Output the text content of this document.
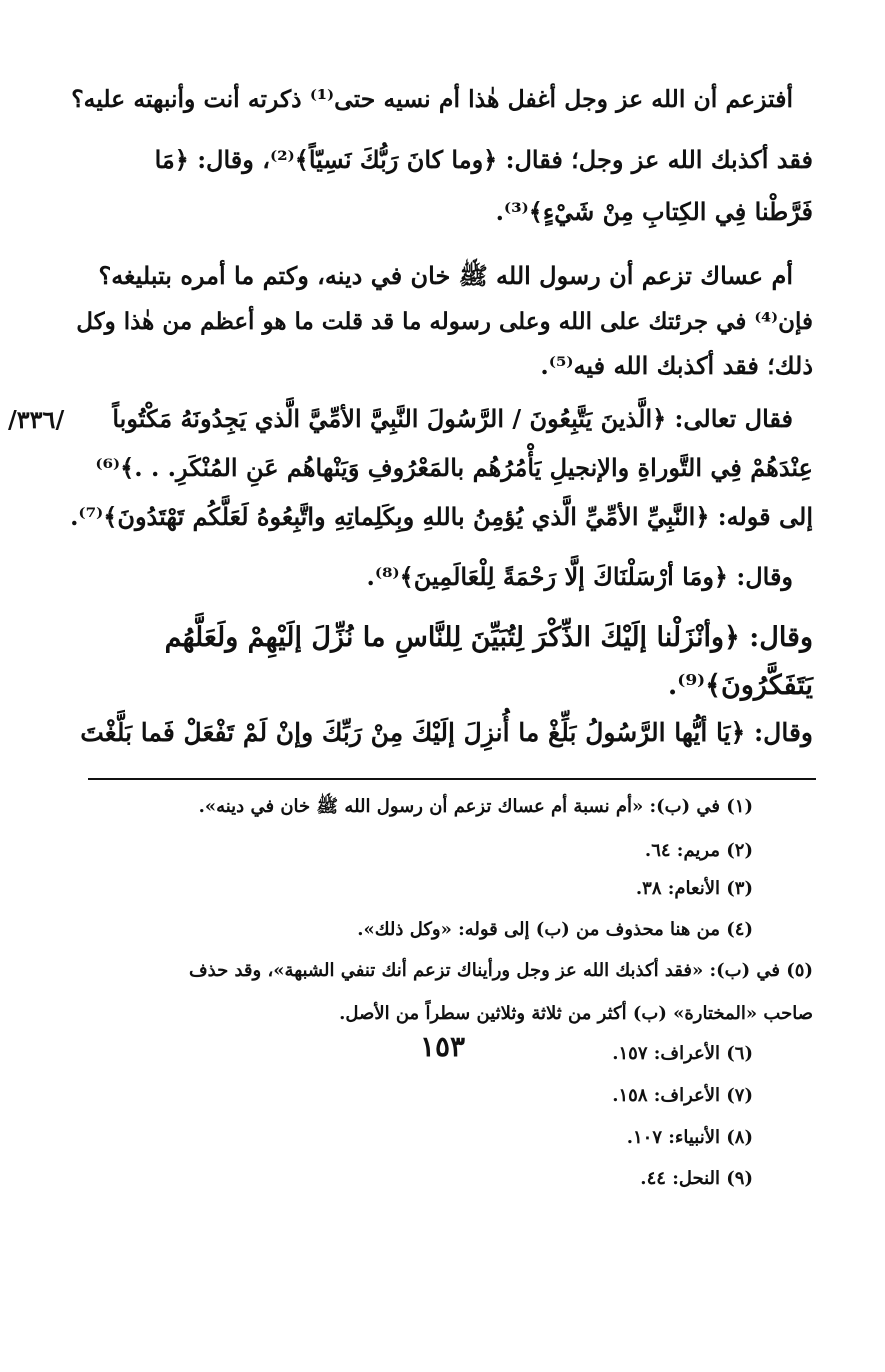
أفتزعم أن الله عز وجل أغفل هٰذا أم نسيه حتى⁽¹⁾ ذكرته أنت وأنبهته عليه؟
فقد أكذبك الله عز وجل؛ فقال: ﴿وما كانَ رَبُّكَ نَسِيّاً﴾⁽²⁾، وقال: ﴿مَا
فَرَّطْنا فِي الكِتابِ مِنْ شَيْءٍ﴾⁽³⁾.
أم عساك تزعم أن رسول الله ﷺ خان في دينه، وكتم ما أمره بتبليغه؟
فإن⁽⁴⁾ في جرئتك على الله وعلى رسوله ما قد قلت ما هو أعظم من هٰذا وكل
ذلك؛ فقد أكذبك الله فيه⁽⁵⁾.
/٣٣٦/ فقال تعالى: ﴿الَّذينَ يَتَّبِعُونَ / الرَّسُولَ النَّبِيَّ الأمِّيَّ الَّذي يَجِدُونَهُ مَكْتُوباً
عِنْدَهُمْ فِي التَّوراةِ والإنجيلِ يَأْمُرُهُم بالمَعْرُوفِ وَيَنْهاهُم عَنِ المُنْكَرِ. . .﴾⁽⁶⁾
إلى قوله: ﴿النَّبِيِّ الأمِّيِّ الَّذي يُؤمِنُ باللهِ وبِكَلِماتِهِ واتَّبِعُوهُ لَعَلَّكُم تَهْتَدُونَ﴾⁽⁷⁾.
وقال: ﴿ومَا أرْسَلْنَاكَ إلَّا رَحْمَةً لِلْعَالَمِينَ﴾⁽⁸⁾.
وقال: ﴿وأنْزَلْنا إلَيْكَ الذِّكْرَ لِتُبَيِّنَ لِلنَّاسِ ما نُزِّلَ إلَيْهِمْ ولَعَلَّهُم
يَتَفَكَّرُونَ﴾⁽⁹⁾.
وقال: ﴿يَا أيُّها الرَّسُولُ بَلِّغْ ما أُنزِلَ إلَيْكَ مِنْ رَبِّكَ وإنْ لَمْ تَفْعَلْ فَما بَلَّغْتَ
(١) في (ب): «أم نسبة أم عساك تزعم أن رسول الله ﷺ خان في دينه».
(٢) مريم: ٦٤.
(٣) الأنعام: ٣٨.
(٤) من هنا محذوف من (ب) إلى قوله: «وكل ذلك».
(٥) في (ب): «فقد أكذبك الله عز وجل ورأيناك تزعم أنك تنفي الشبهة»، وقد حذف
صاحب «المختارة» (ب) أكثر من ثلاثة وثلاثين سطراً من الأصل.
(٦) الأعراف: ١٥٧.
(٧) الأعراف: ١٥٨.
(٨) الأنبياء: ١٠٧.
(٩) النحل: ٤٤.
١٥٣
